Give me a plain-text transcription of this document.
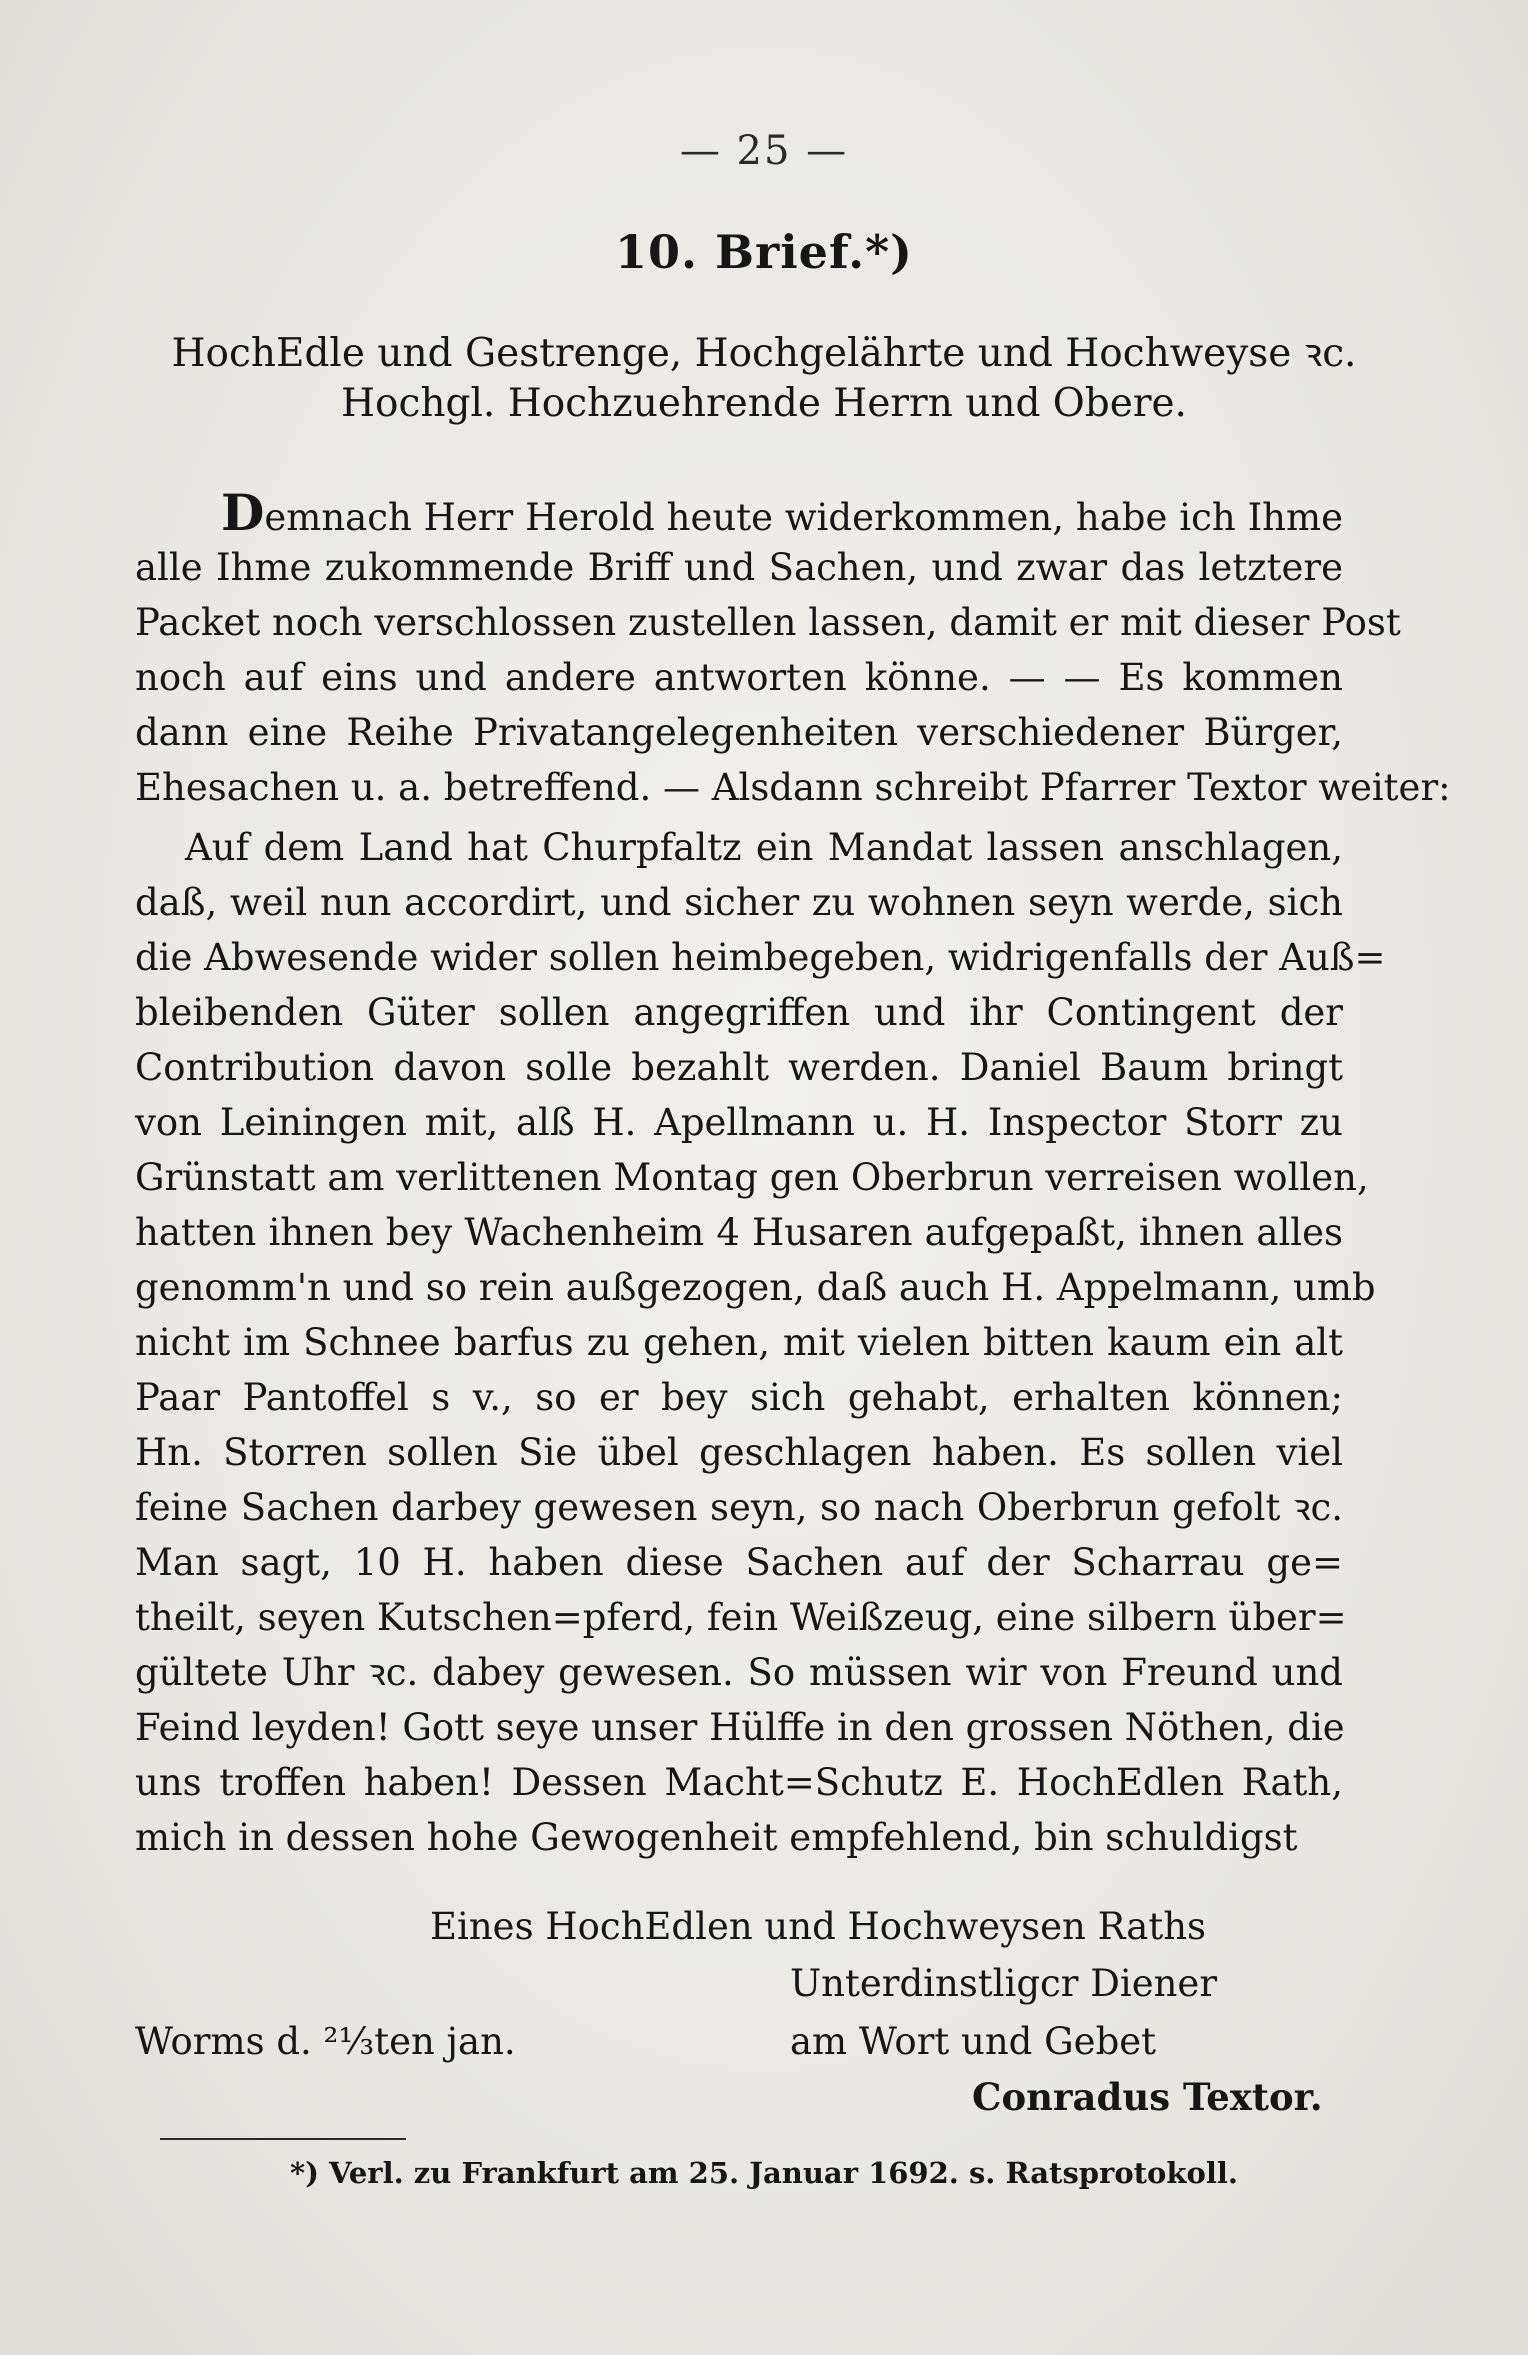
— 25 —
10. Brief.*)
HochEdle und Gestrenge, Hochgelährte und Hochweyse ꝛc.
Hochgl. Hochzuehrende Herrn und Obere.
Demnach Herr Herold heute widerkommen, habe ich Ihme
alle Ihme zukommende Briff und Sachen, und zwar das letztere
Packet noch verschlossen zustellen lassen, damit er mit dieser Post
noch auf eins und andere antworten könne. — — Es kommen
dann eine Reihe Privatangelegenheiten verschiedener Bürger,
Ehesachen u. a. betreffend. — Alsdann schreibt Pfarrer Textor weiter:
Auf dem Land hat Churpfaltz ein Mandat lassen anschlagen,
daß, weil nun accordirt, und sicher zu wohnen seyn werde, sich
die Abwesende wider sollen heimbegeben, widrigenfalls der Auß=
bleibenden Güter sollen angegriffen und ihr Contingent der
Contribution davon solle bezahlt werden. Daniel Baum bringt
von Leiningen mit, alß H. Apellmann u. H. Inspector Storr zu
Grünstatt am verlittenen Montag gen Oberbrun verreisen wollen,
hatten ihnen bey Wachenheim 4 Husaren aufgepaßt, ihnen alles
genomm'n und so rein außgezogen, daß auch H. Appelmann, umb
nicht im Schnee barfus zu gehen, mit vielen bitten kaum ein alt
Paar Pantoffel s v., so er bey sich gehabt, erhalten können;
Hn. Storren sollen Sie übel geschlagen haben. Es sollen viel
feine Sachen darbey gewesen seyn, so nach Oberbrun gefolt ꝛc.
Man sagt, 10 H. haben diese Sachen auf der Scharrau ge=
theilt, seyen Kutschen=pferd, fein Weißzeug, eine silbern über=
gültete Uhr ꝛc. dabey gewesen. So müssen wir von Freund und
Feind leyden! Gott seye unser Hülffe in den grossen Nöthen, die
uns troffen haben! Dessen Macht=Schutz E. HochEdlen Rath,
mich in dessen hohe Gewogenheit empfehlend, bin schuldigst
Eines HochEdlen und Hochweysen Raths
Unterdinstligcr Diener
Worms d. ²¹⁄₃ten jan.	am Wort und Gebet
Conradus Textor.
*) Verl. zu Frankfurt am 25. Januar 1692. s. Ratsprotokoll.
